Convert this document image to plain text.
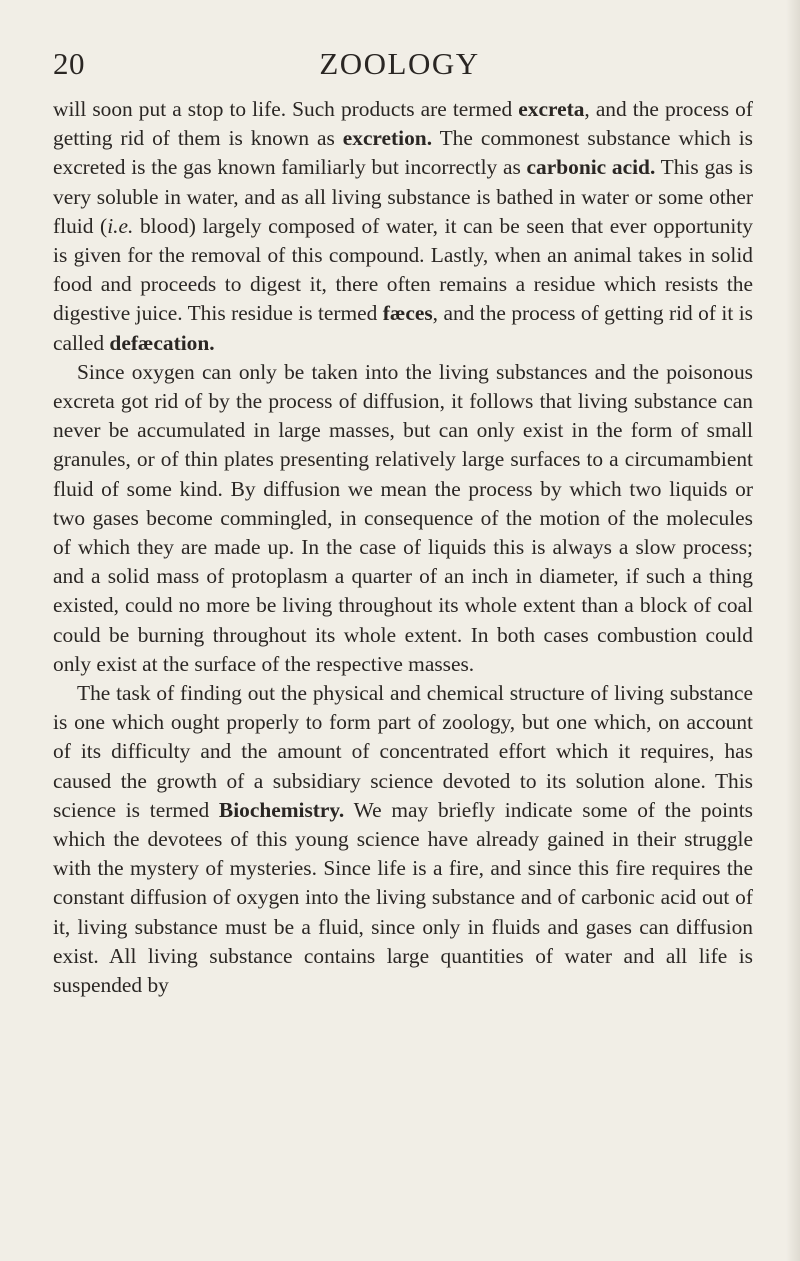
20	ZOOLOGY

will soon put a stop to life. Such products are termed excreta, and the process of getting rid of them is known as excretion. The commonest substance which is excreted is the gas known familiarly but incorrectly as carbonic acid. This gas is very soluble in water, and as all living substance is bathed in water or some other fluid (i.e. blood) largely composed of water, it can be seen that ever opportunity is given for the removal of this compound. Lastly, when an animal takes in solid food and proceeds to digest it, there often remains a residue which resists the digestive juice. This residue is termed fæces, and the process of getting rid of it is called defæcation.

Since oxygen can only be taken into the living substances and the poisonous excreta got rid of by the process of diffusion, it follows that living substance can never be accumulated in large masses, but can only exist in the form of small granules, or of thin plates presenting relatively large surfaces to a circumambient fluid of some kind. By diffusion we mean the process by which two liquids or two gases become commingled, in consequence of the motion of the molecules of which they are made up. In the case of liquids this is always a slow process; and a solid mass of protoplasm a quarter of an inch in diameter, if such a thing existed, could no more be living throughout its whole extent than a block of coal could be burning throughout its whole extent. In both cases combustion could only exist at the surface of the respective masses.

The task of finding out the physical and chemical structure of living substance is one which ought properly to form part of zoology, but one which, on account of its difficulty and the amount of concentrated effort which it requires, has caused the growth of a subsidiary science devoted to its solution alone. This science is termed Biochemistry. We may briefly indicate some of the points which the devotees of this young science have already gained in their struggle with the mystery of mysteries. Since life is a fire, and since this fire requires the constant diffusion of oxygen into the living substance and of carbonic acid out of it, living substance must be a fluid, since only in fluids and gases can diffusion exist. All living substance contains large quantities of water and all life is suspended by
